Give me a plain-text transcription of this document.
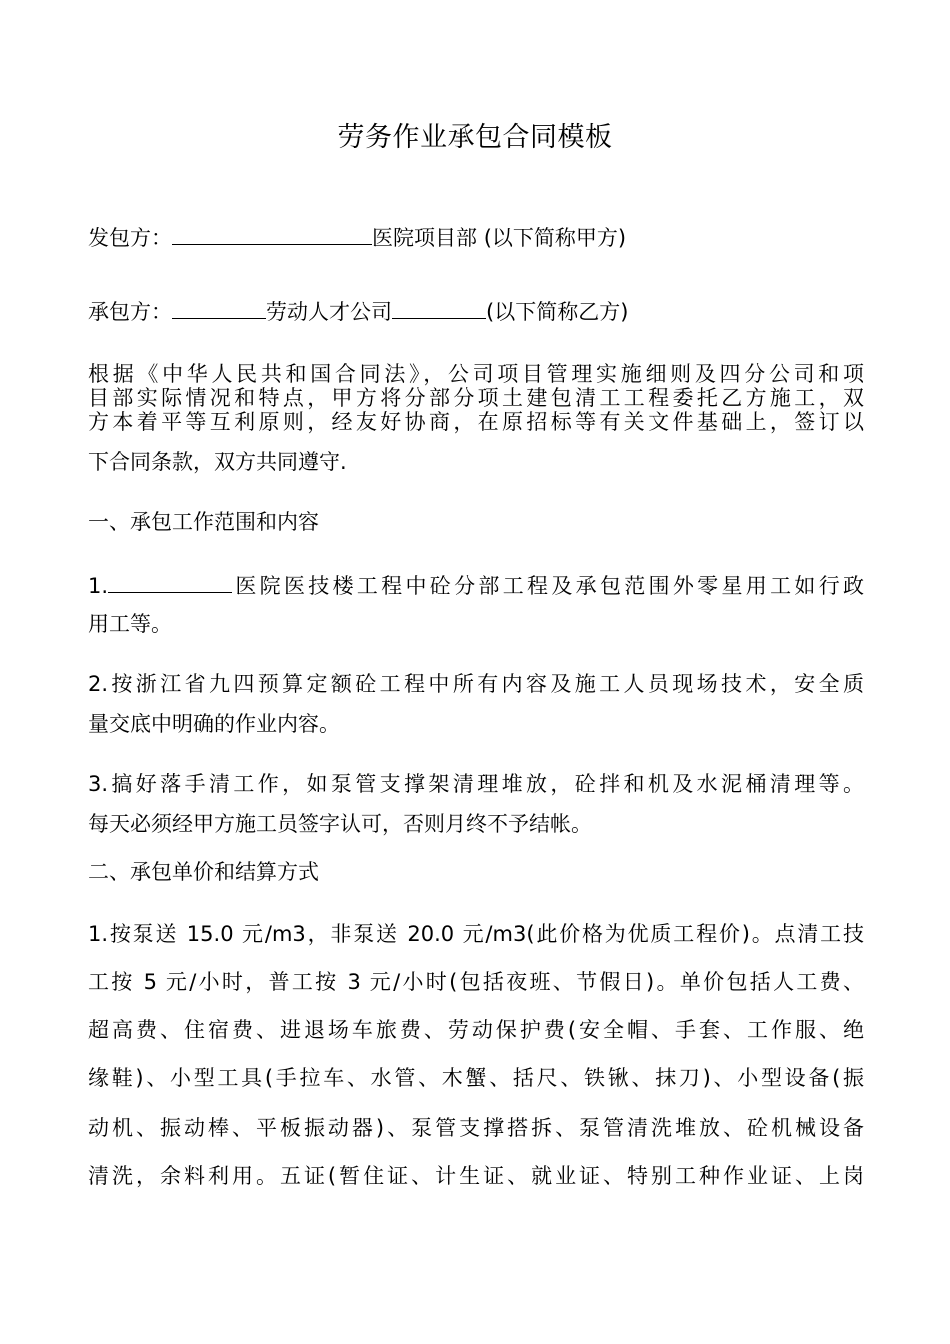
劳务作业承包合同模板
发包方：	医院项目部 (以下简称甲方)
承包方：	劳动人才公司	(以下简称乙方)
根据《中华人民共和国合同法》，公司项目管理实施细则及四分公司和项
目部实际情况和特点，甲方将分部分项土建包清工工程委托乙方施工，双
方本着平等互利原则，经友好协商，在原招标等有关文件基础上，签订以
下合同条款，双方共同遵守.
一、承包工作范围和内容
1.	医院医技楼工程中砼分部工程及承包范围外零星用工如行政
用工等。
2.按浙江省九四预算定额砼工程中所有内容及施工人员现场技术，安全质
量交底中明确的作业内容。
3.搞好落手清工作，如泵管支撑架清理堆放，砼拌和机及水泥桶清理等。
每天必须经甲方施工员签字认可，否则月终不予结帐。
二、承包单价和结算方式
1.按泵送 15.0 元/m3，非泵送 20.0 元/m3(此价格为优质工程价)。点清工技
工按 5 元/小时，普工按 3 元/小时(包括夜班、节假日)。单价包括人工费、
超高费、住宿费、进退场车旅费、劳动保护费(安全帽、手套、工作服、绝
缘鞋)、小型工具(手拉车、水管、木蟹、括尺、铁锹、抹刀)、小型设备(振
动机、振动棒、平板振动器)、泵管支撑搭拆、泵管清洗堆放、砼机械设备
清洗，余料利用。五证(暂住证、计生证、就业证、特别工种作业证、上岗
